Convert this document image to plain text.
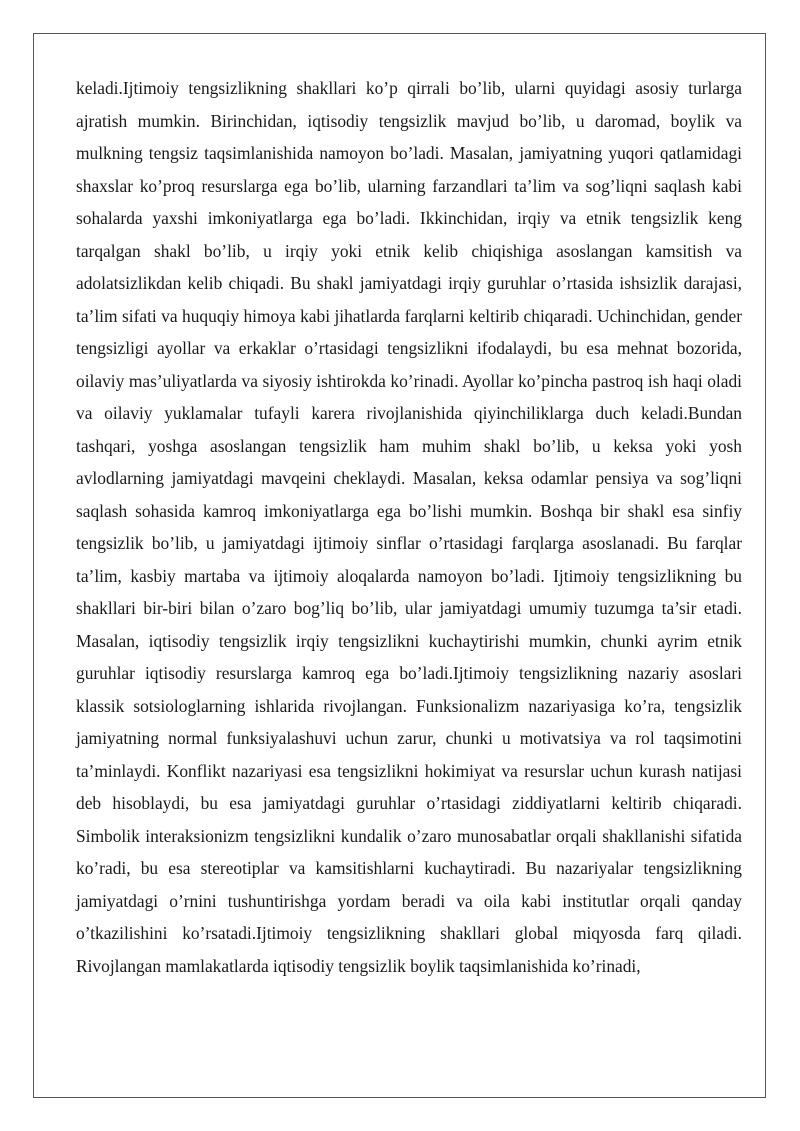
keladi.Ijtimoiy tengsizlikning shakllari ko’p qirrali bo’lib, ularni quyidagi asosiy turlarga ajratish mumkin. Birinchidan, iqtisodiy tengsizlik mavjud bo’lib, u daromad, boylik va mulkning tengsiz taqsimlanishida namoyon bo’ladi. Masalan, jamiyatning yuqori qatlamidagi shaxslar ko’proq resurslarga ega bo’lib, ularning farzandlari ta’lim va sog’liqni saqlash kabi sohalarda yaxshi imkoniyatlarga ega bo’ladi. Ikkinchidan, irqiy va etnik tengsizlik keng tarqalgan shakl bo’lib, u irqiy yoki etnik kelib chiqishiga asoslangan kamsitish va adolatsizlikdan kelib chiqadi. Bu shakl jamiyatdagi irqiy guruhlar o’rtasida ishsizlik darajasi, ta’lim sifati va huquqiy himoya kabi jihatlarda farqlarni keltirib chiqaradi. Uchinchidan, gender tengsizligi ayollar va erkaklar o’rtasidagi tengsizlikni ifodalaydi, bu esa mehnat bozorida, oilaviy mas’uliyatlarda va siyosiy ishtirokda ko’rinadi. Ayollar ko’pincha pastroq ish haqi oladi va oilaviy yuklamalar tufayli karera rivojlanishida qiyinchiliklarga duch keladi.Bundan tashqari, yoshga asoslangan tengsizlik ham muhim shakl bo’lib, u keksa yoki yosh avlodlarning jamiyatdagi mavqeini cheklaydi. Masalan, keksa odamlar pensiya va sog’liqni saqlash sohasida kamroq imkoniyatlarga ega bo’lishi mumkin. Boshqa bir shakl esa sinfiy tengsizlik bo’lib, u jamiyatdagi ijtimoiy sinflar o’rtasidagi farqlarga asoslanadi. Bu farqlar ta’lim, kasbiy martaba va ijtimoiy aloqalarda namoyon bo’ladi. Ijtimoiy tengsizlikning bu shakllari bir-biri bilan o’zaro bog’liq bo’lib, ular jamiyatdagi umumiy tuzumga ta’sir etadi. Masalan, iqtisodiy tengsizlik irqiy tengsizlikni kuchaytirishi mumkin, chunki ayrim etnik guruhlar iqtisodiy resurslarga kamroq ega bo’ladi.Ijtimoiy tengsizlikning nazariy asoslari klassik sotsiologlarning ishlarida rivojlangan. Funksionalizm nazariyasiga ko’ra, tengsizlik jamiyatning normal funksiyalashuvi uchun zarur, chunki u motivatsiya va rol taqsimotini ta’minlaydi. Konflikt nazariyasi esa tengsizlikni hokimiyat va resurslar uchun kurash natijasi deb hisoblaydi, bu esa jamiyatdagi guruhlar o’rtasidagi ziddiyatlarni keltirib chiqaradi. Simbolik interaksionizm tengsizlikni kundalik o’zaro munosabatlar orqali shakllanishi sifatida ko’radi, bu esa stereotiplar va kamsitishlarni kuchaytiradi. Bu nazariyalar tengsizlikning jamiyatdagi o’rnini tushuntirishga yordam beradi va oila kabi institutlar orqali qanday o’tkazilishini ko’rsatadi.Ijtimoiy tengsizlikning shakllari global miqyosda farq qiladi. Rivojlangan mamlakatlarda iqtisodiy tengsizlik boylik taqsimlanishida ko’rinadi,
